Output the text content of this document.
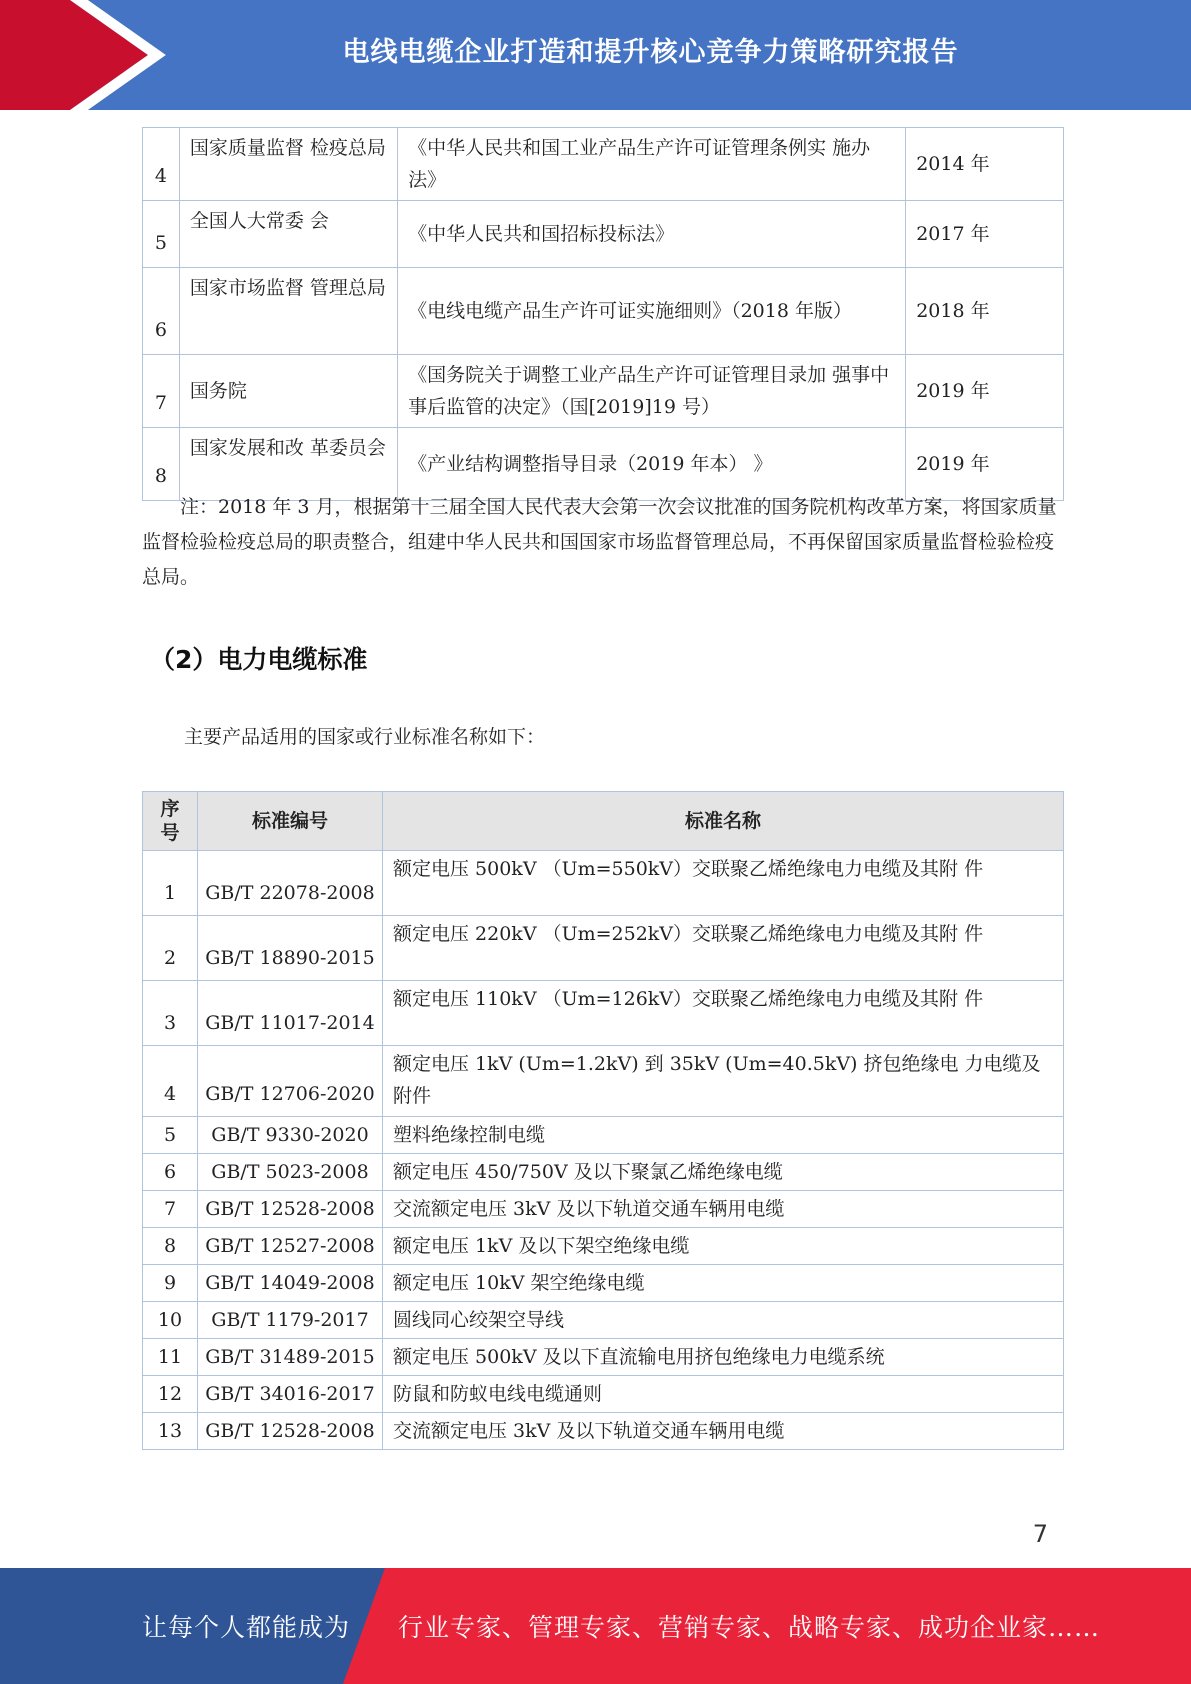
电线电缆企业打造和提升核心竞争力策略研究报告
4	国家质量监督 检疫总局	《中华人民共和国工业产品生产许可证管理条例实 施办法》	2014 年
5	全国人大常委 会	《中华人民共和国招标投标法》	2017 年
6	国家市场监督 管理总局	《电线电缆产品生产许可证实施细则》（2018 年版）	2018 年
7	国务院	《国务院关于调整工业产品生产许可证管理目录加 强事中事后监管的决定》（国[2019]19 号）	2019 年
8	国家发展和改 革委员会	《产业结构调整指导目录（2019 年本） 》	2019 年

注：2018 年 3 月，根据第十三届全国人民代表大会第一次会议批准的国务院机构改革方案，将国家质量监督检验检疫总局的职责整合，组建中华人民共和国国家市场监督管理总局，不再保留国家质量监督检验检疫总局。

（2）电力电缆标准

主要产品适用的国家或行业标准名称如下：

序号	标准编号	标准名称
1	GB/T 22078-2008	额定电压 500kV （Um=550kV）交联聚乙烯绝缘电力电缆及其附 件
2	GB/T 18890-2015	额定电压 220kV （Um=252kV）交联聚乙烯绝缘电力电缆及其附 件
3	GB/T 11017-2014	额定电压 110kV （Um=126kV）交联聚乙烯绝缘电力电缆及其附 件
4	GB/T 12706-2020	额定电压 1kV (Um=1.2kV) 到 35kV (Um=40.5kV) 挤包绝缘电 力电缆及附件
5	GB/T 9330-2020	塑料绝缘控制电缆
6	GB/T 5023-2008	额定电压 450/750V 及以下聚氯乙烯绝缘电缆
7	GB/T 12528-2008	交流额定电压 3kV 及以下轨道交通车辆用电缆
8	GB/T 12527-2008	额定电压 1kV 及以下架空绝缘电缆
9	GB/T 14049-2008	额定电压 10kV 架空绝缘电缆
10	GB/T 1179-2017	圆线同心绞架空导线
11	GB/T 31489-2015	额定电压 500kV 及以下直流输电用挤包绝缘电力电缆系统
12	GB/T 34016-2017	防鼠和防蚁电线电缆通则
13	GB/T 12528-2008	交流额定电压 3kV 及以下轨道交通车辆用电缆
7
让每个人都能成为 行业专家、管理专家、营销专家、战略专家、成功企业家……
